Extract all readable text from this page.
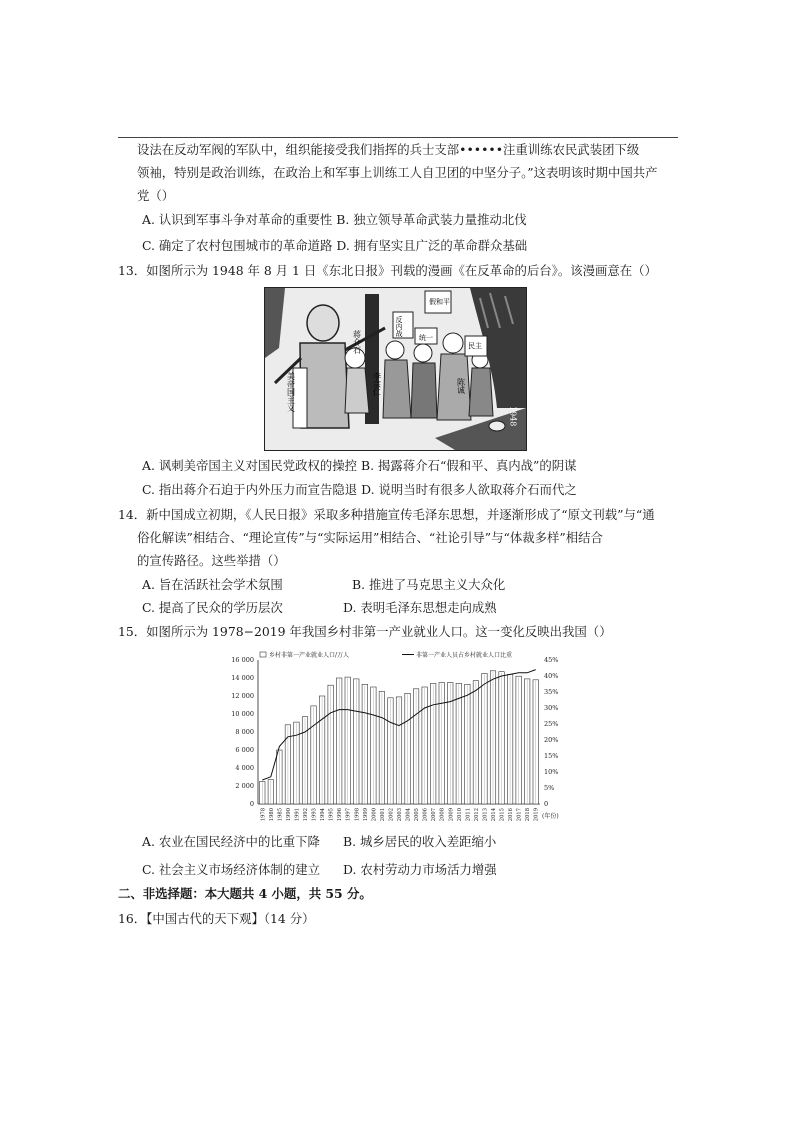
设法在反动军阀的军队中，组织能接受我们指挥的兵士支部••••••注重训练农民武装团下级
领袖，特别是政治训练，在政治上和军事上训练工人自卫团的中坚分子。”这表明该时期中国共产
党（）
A. 认识到军事斗争对革命的重要性 B. 独立领导革命武装力量推动北伐
C. 确定了农村包围城市的革命道路 D. 拥有坚实且广泛的革命群众基础
13．如图所示为 1948 年 8 月 1 日《东北日报》刊载的漫画《在反革命的后台》。该漫画意在（）
美帝国主义
蒋介石
李宗仁
反内战
假和平
民主
统一
陈诚
1948
A. 讽刺美帝国主义对国民党政权的操控 B. 揭露蒋介石“假和平、真内战”的阴谋
C. 指出蒋介石迫于内外压力而宣告隐退 D. 说明当时有很多人欲取蒋介石而代之
14．新中国成立初期，《人民日报》采取多种措施宣传毛泽东思想，并逐渐形成了“原文刊载”与“通
俗化解读”相结合、“理论宣传”与“实际运用”相结合、“社论引导”与“体裁多样”相结合
的宣传路径。这些举措（）
A. 旨在活跃社会学术氛围	B. 推进了马克思主义大众化
C. 提高了民众的学历层次	D. 表明毛泽东思想走向成熟
15．如图所示为 1978−2019 年我国乡村非第一产业就业人口。这一变化反映出我国（）
0
2 000
4 000
6 000
8 000
10 000
12 000
14 000
16 000
0
5%
10%
15%
20%
25%
30%
35%
40%
45%
1978 1980 1985 1990 1991 1992 1993 1994 1995 1996 1997 1998 1999 2000 2001 2002 2003 2004 2005 2006 2007 2008 2009 2010 2011 2012 2013 2014 2015 2016 2017 2018 2019 (年份)
乡村非第一产业就业人口/万人	非第一产业人员占乡村就业人口比重
A. 农业在国民经济中的比重下降 B. 城乡居民的收入差距缩小
C. 社会主义市场经济体制的建立 D. 农村劳动力市场活力增强
二、非选择题：本大题共 4 小题，共 55 分。
16．【中国古代的天下观】（14 分）
